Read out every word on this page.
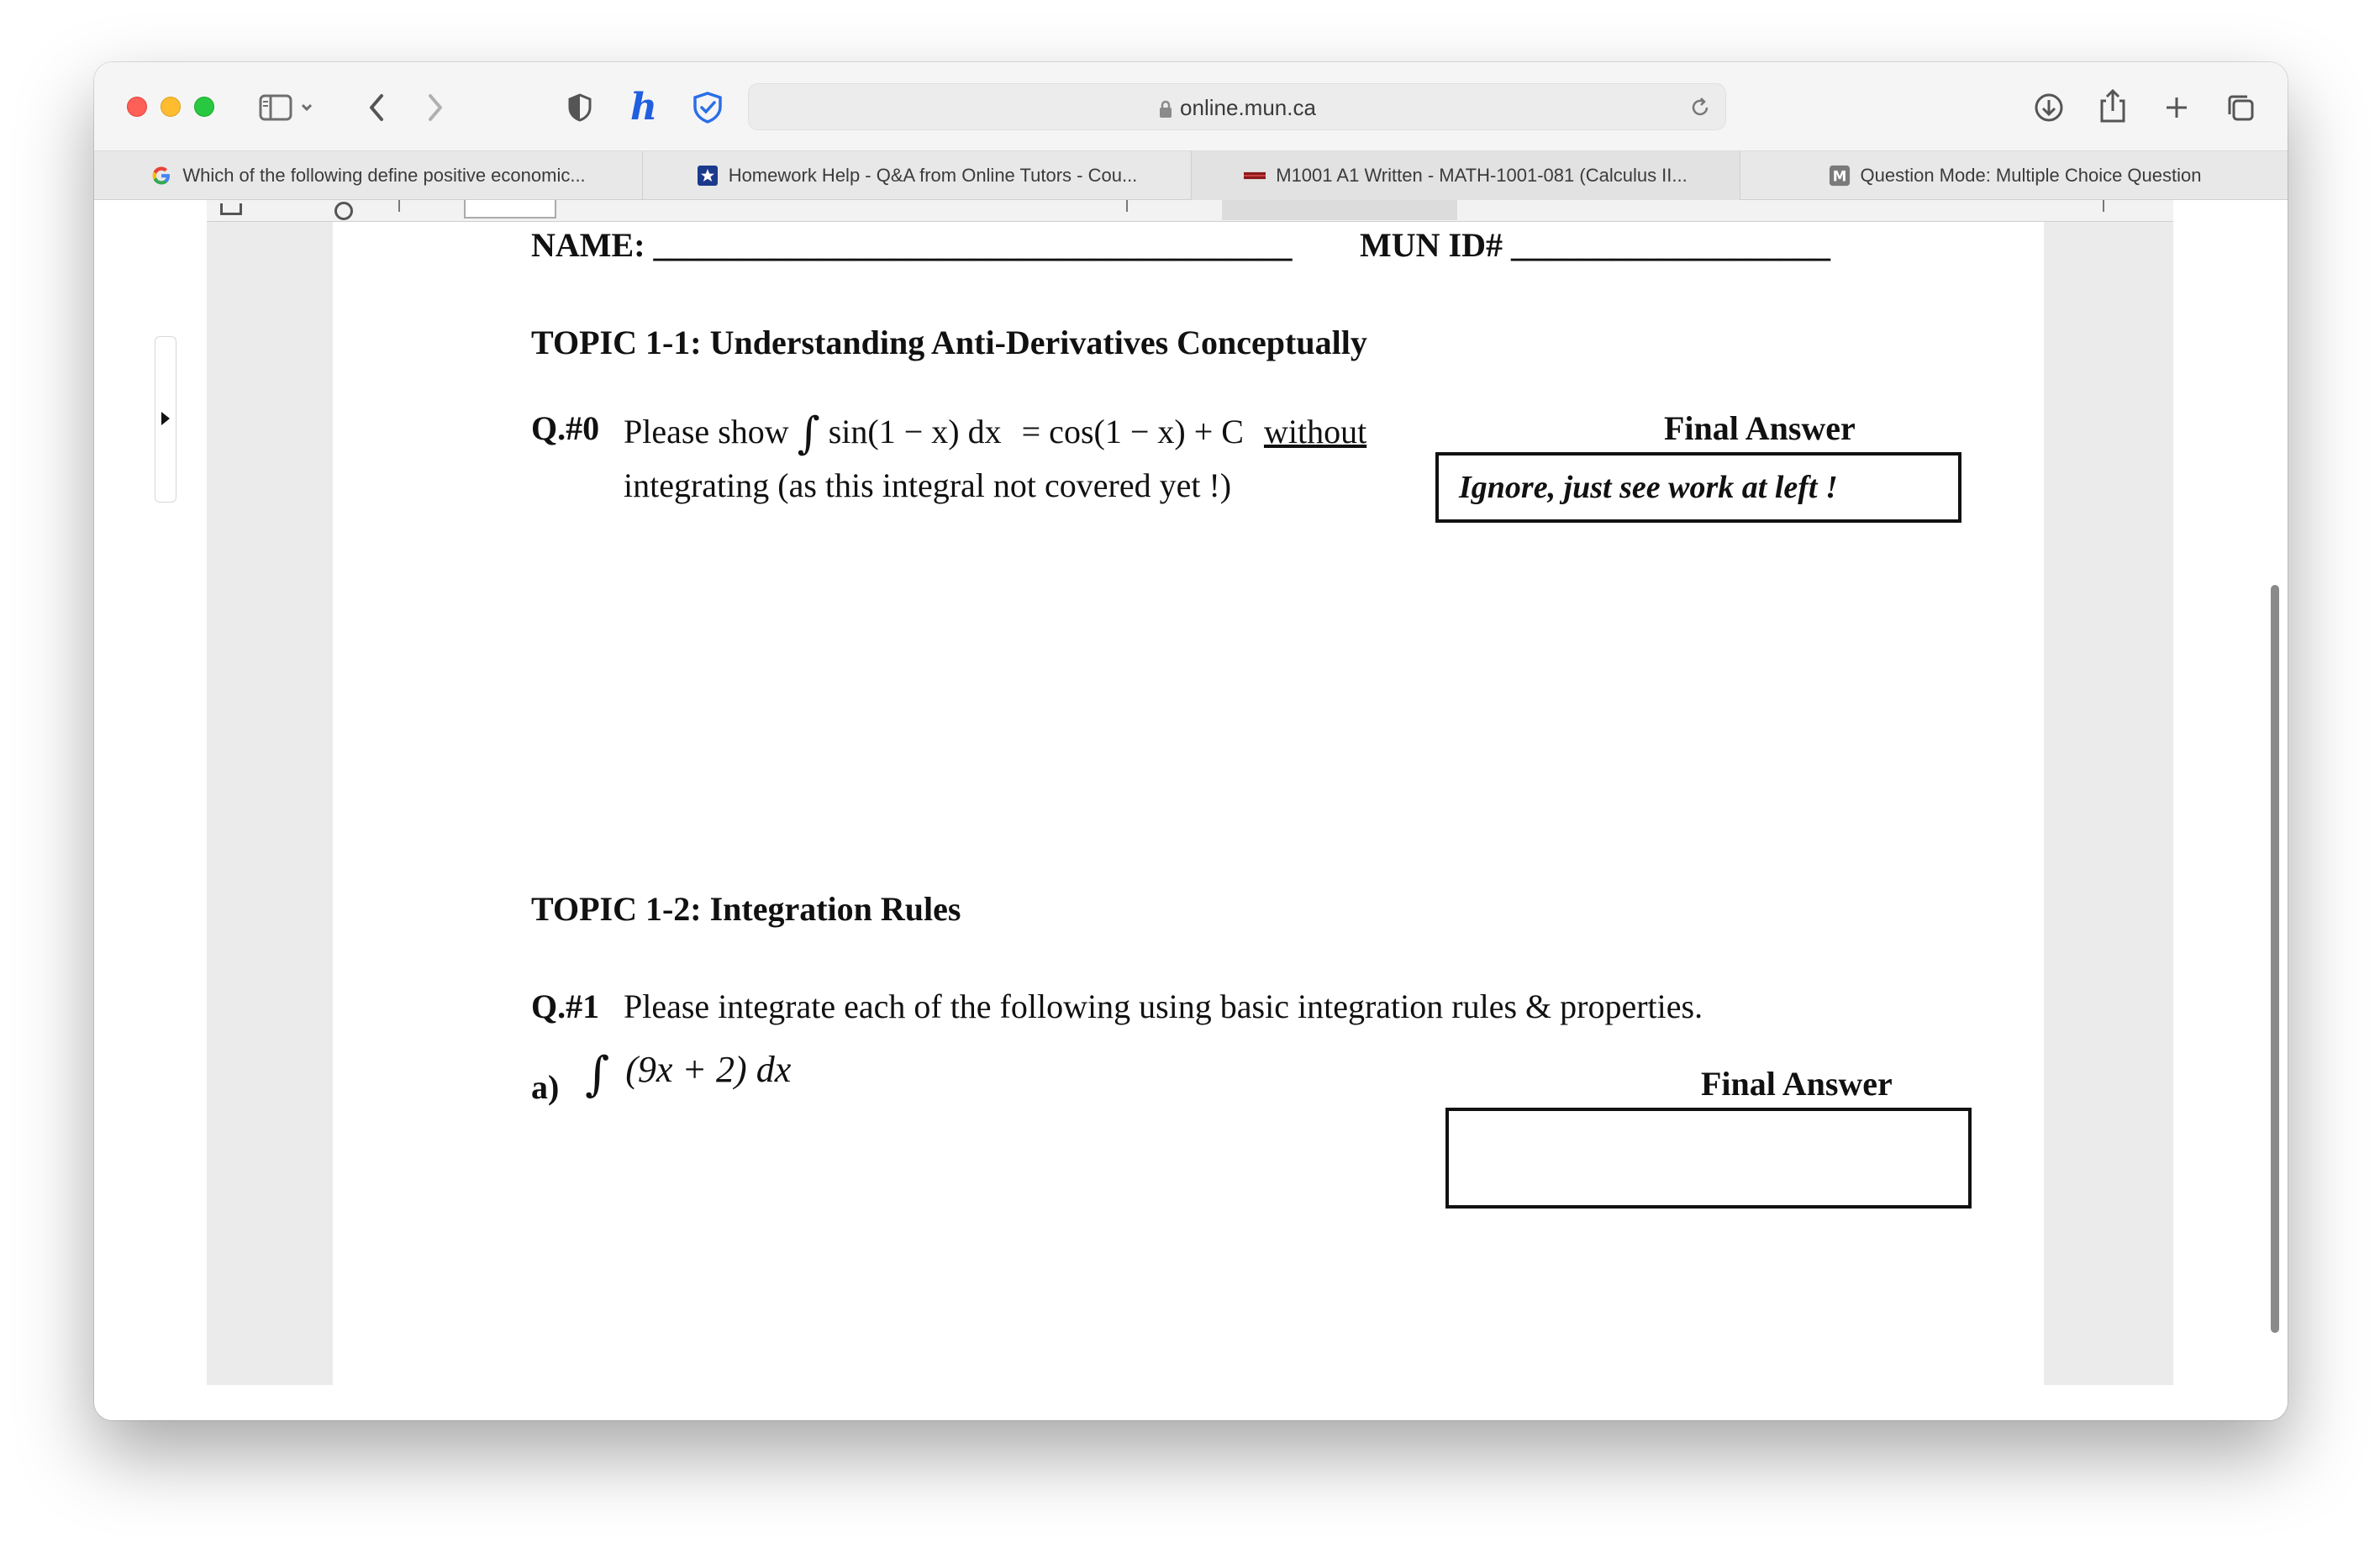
h	online.mun.ca
Which of the following define positive economic...	Homework Help - Q&A from Online Tutors - Cou...	M1001 A1 Written - MATH-1001-081 (Calculus II...	M Question Mode: Multiple Choice Question
NAME: ______________________________________ MUN ID# ___________________
TOPIC 1-1: Understanding Anti-Derivatives Conceptually
Q.#0 Please show ∫ sin(1 − x) dx = cos(1 − x) + C without
integrating (as this integral not covered yet !)
Final Answer
Ignore, just see work at left !
TOPIC 1-2: Integration Rules
Q.#1 Please integrate each of the following using basic integration rules & properties.
a) ∫ (9x + 2) dx	Final Answer
